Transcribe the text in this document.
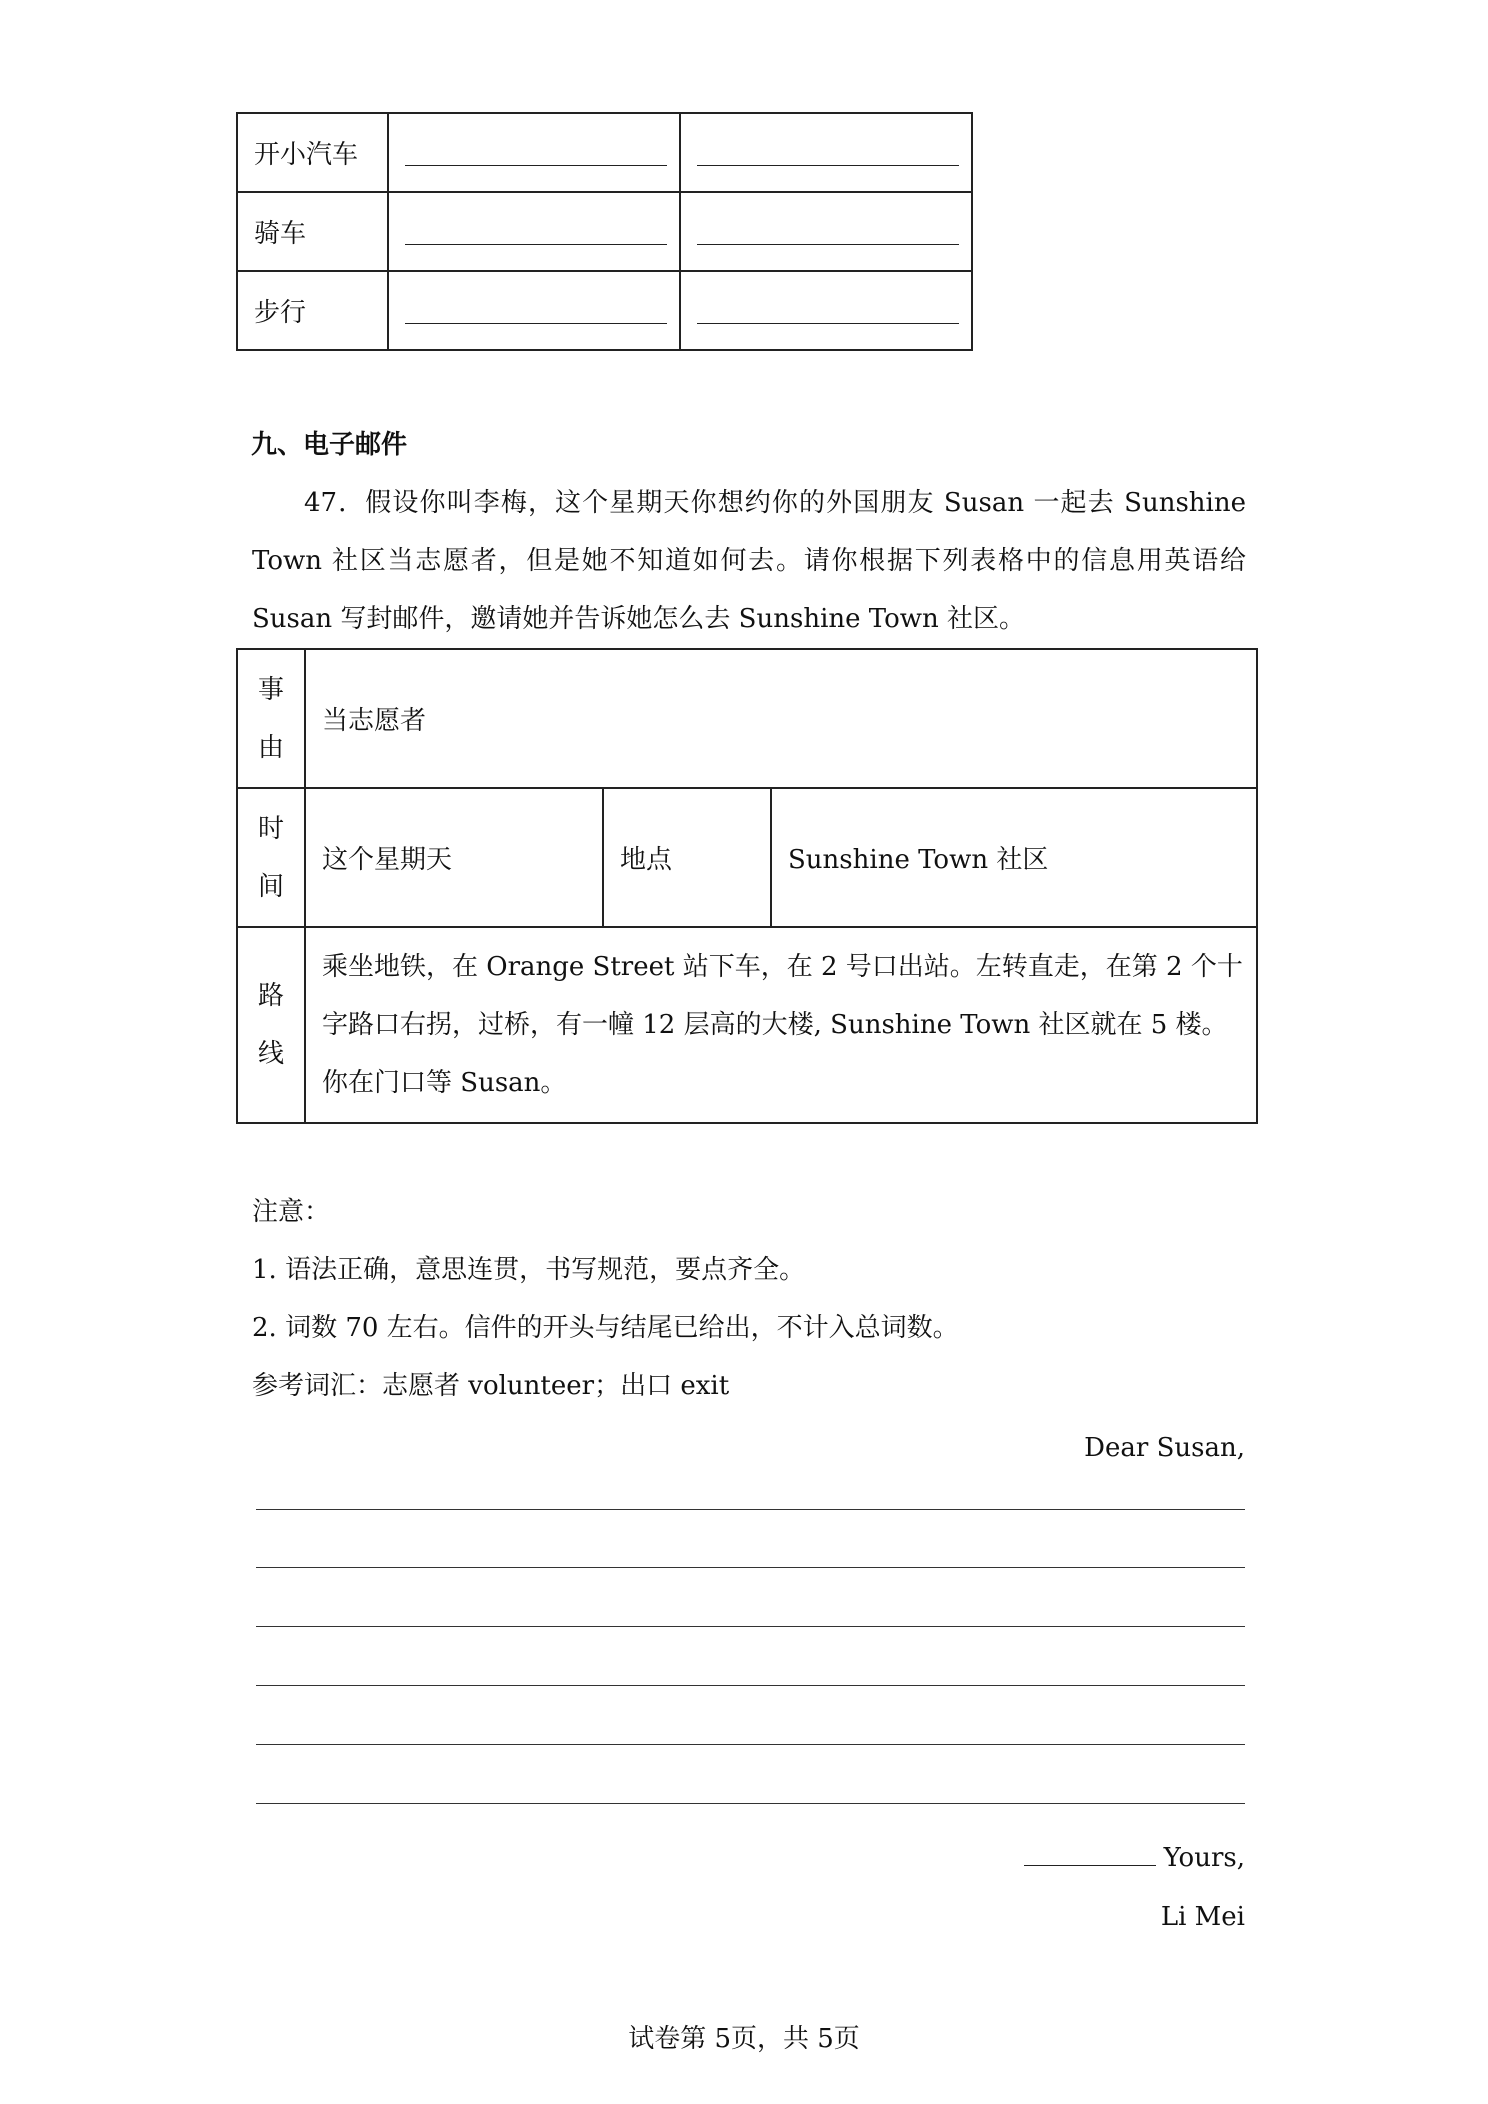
开小汽车		
骑车		
步行		
九、电子邮件
47．假设你叫李梅，这个星期天你想约你的外国朋友 Susan 一起去 Sunshine Town 社区当志愿者，但是她不知道如何去。请你根据下列表格中的信息用英语给 Susan 写封邮件，邀请她并告诉她怎么去 Sunshine Town 社区。
事
由	当志愿者		

时
间	这个星期天	地点	Sunshine Town 社区

路
线	乘坐地铁，在 Orange Street 站下车，在 2 号口出站。左转直走，在第 2 个十字路口右拐，过桥，有一幢 12 层高的大楼, Sunshine Town 社区就在 5 楼。你在门口等 Susan。		
注意：
1. 语法正确，意思连贯，书写规范，要点齐全。
2. 词数 70 左右。信件的开头与结尾已给出，不计入总词数。
参考词汇：志愿者 volunteer；出口 exit
Dear Susan,
Yours,
Li Mei
试卷第 5页，共 5页
